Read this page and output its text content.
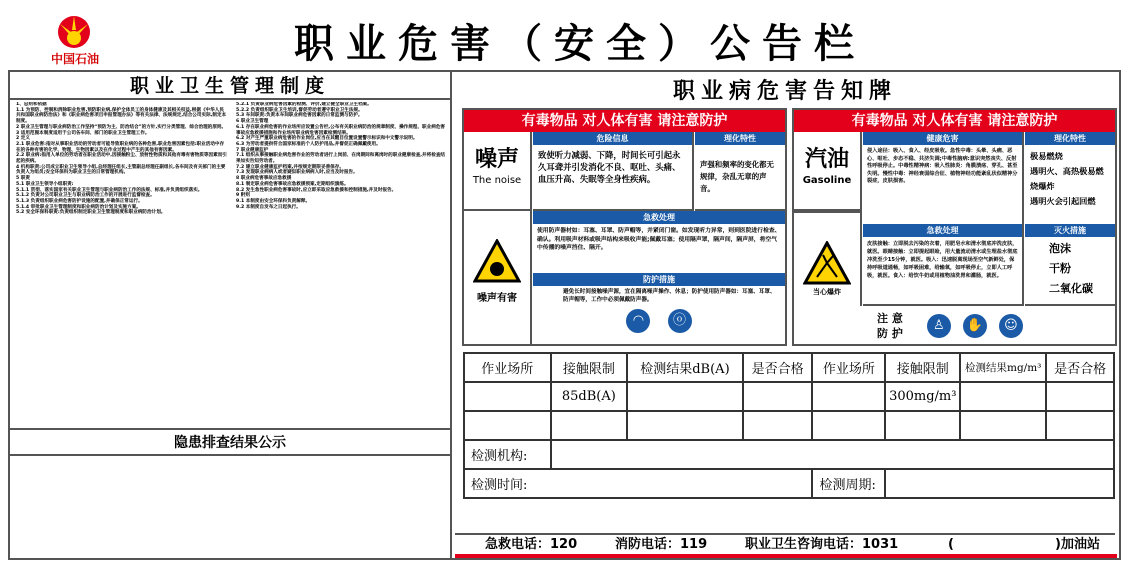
中国石油	职业危害（安全）公告栏
职业卫生管理制度

1、总则和依据

1.1 为预防、控制和消除职业危害,预防职业病,保护全体员工的身体健康及其相关权益,根据《中华人民共和国职业病防治法》和《职业病危害项目申报管理办法》等有关法律、法规规定,结合公司实际,制定本制度。

2 职业卫生管理与职业病防治工作坚持“预防为主、防治结合”的方针,实行分类管理、综合治理的原则。

3 适用范围本制度适用于公司各车间、部门的职业卫生管理工作。

2 定义

2.1 职业危害:指对从事职业活动的劳动者可能导致职业病的各种危害,职业危害因素包括:职业活动中存在的各种有害的化学、物理、生物因素以及在作业过程中产生的其他有害因素。

2.2 职业病:指用人单位的劳动者在职业活动中,因接触粉尘、放射性物质和其他有毒有害物质等因素而引起的疾病。

4 机构职责:公司成立职业卫生领导小组,总经理任组长,主管副总经理任副组长,各车间及有关部门的主要负责人为组员;安全环保科为职业卫生的日常管理机构。

5 职责

5.1 职业卫生领导小组职责:

5.1.1 贯彻、落实国家有关职业卫生管理与职业病防治工作的法规、标准,并负责组织落实。

5.1.2 负责对公司职业卫生与职业病防治工作的开展进行监督检查。

5.1.3 负责组织职业病危害防护设施的配置,并确保正常运行。

5.1.4 审批职业卫生管理制度和职业病防治计划及实施方案。

5.2 安全环保科职责:负责组织制定职业卫生管理制度和职业病防治计划。

5.2.1 负责职业病危害因素的检测、评价,建立健全职业卫生档案。

5.2.2 负责组织职业卫生培训,督促劳动者遵守职业卫生法规。

5.3 车间职责:负责本车间职业病危害因素的日常监测与防护。

6 职业卫生管理

6.1 存在职业病危害的作业场所应设置公告栏,公布有关职业病防治的规章制度、操作规程、职业病危害事故应急救援措施和作业场所职业病危害因素检测结果。

6.2 对产生严重职业病危害的作业岗位,应当在其醒目位置设置警示标识和中文警示说明。

6.3 为劳动者提供符合国家标准的个人防护用品,并督促正确佩戴使用。

7 职业健康监护

7.1 组织从事接触职业病危害作业的劳动者进行上岗前、在岗期间和离岗时的职业健康检查,并将检查结果如实告知劳动者。

7.2 建立职业健康监护档案,并按规定期限妥善保存。

7.3 发现职业病病人或者疑似职业病病人时,应当及时报告。

8 职业病危害事故应急救援

8.1 制定职业病危害事故应急救援预案,定期组织演练。

8.2 发生急性职业病危害事故时,应立即采取应急救援和控制措施,并及时报告。

9 附则

9.1 本制度由安全环保科负责解释。

9.2 本制度自发布之日起执行。

隐患排查结果公示
职业病危害告知牌
有毒物品 对人体有害 请注意防护
噪声
The noise
危险信息
致使听力减弱、下降，时间长可引起永久耳聋并引发消化不良、呕吐、头痛、血压升高、失眠等全身性疾病。
理化特性
声强和频率的变化都无规律，杂乱无章的声音。
噪声有害
急救处理
使用防声器材如：耳塞、耳罩、防声帽等，并紧闭门窗。如发现听力异常，则到医院进行检查、确认。利用吸声材料或吸声结构来吸收声能;佩戴耳塞；使用隔声罩，隔声间，隔声屏，将空气中传播的噪声挡住、隔开。
防护措施
避免长时间接触噪声源，宜在隔离噪声操作、休息；防护使用防声器如：耳塞、耳罩、防声帽等，工作中必须佩戴防声器。
◠ ⓞ
有毒物品 对人体有害 请注意防护
汽油
Gasoline
健康危害
侵入途径：吸入、食入、经皮吸收。急性中毒：头晕、头痛、恶心、呕吐、步态不稳、共济失调;中毒性脑病:意识突然丧失、反射性呼吸停止。中毒性精神病：吸入性肺炎：角膜溃疡、穿孔、甚至失明。慢性中毒：神经衰弱综合征、植物神经功能紊乱状似精神分裂症，皮肤损害。
理化特性
极易燃烧
遇明火、高热极易燃
烧爆炸
遇明火会引起回燃
当心爆炸
急救处理
皮肤接触：立即脱去污染的衣着，用肥皂水和清水彻底冲洗皮肤，就医。眼睛接触：立即提起眼睑，用大量流动清水或生理盐水彻底冲洗至少15分钟，就医。吸入：迅速脱离现场至空气新鲜处，保持呼吸道通畅，如呼吸困难，给输氧，如呼吸停止，立即人工呼吸，就医。食入：给饮牛奶或用植物油洗胃和灌肠，就医。
灭火措施
泡沫
干粉
二氧化碳
注 意
防 护
♙	✋	☺
作业场所	接触限制	检测结果dB(A)	是否合格	作业场所	接触限制	检测结果mg/m³	是否合格
	85dB(A)				300mg/m³		

检测机构:							
检测时间:				检测周期:			
急救电话：120	消防电话：119	职业卫生咨询电话：1031	(	)加油站
